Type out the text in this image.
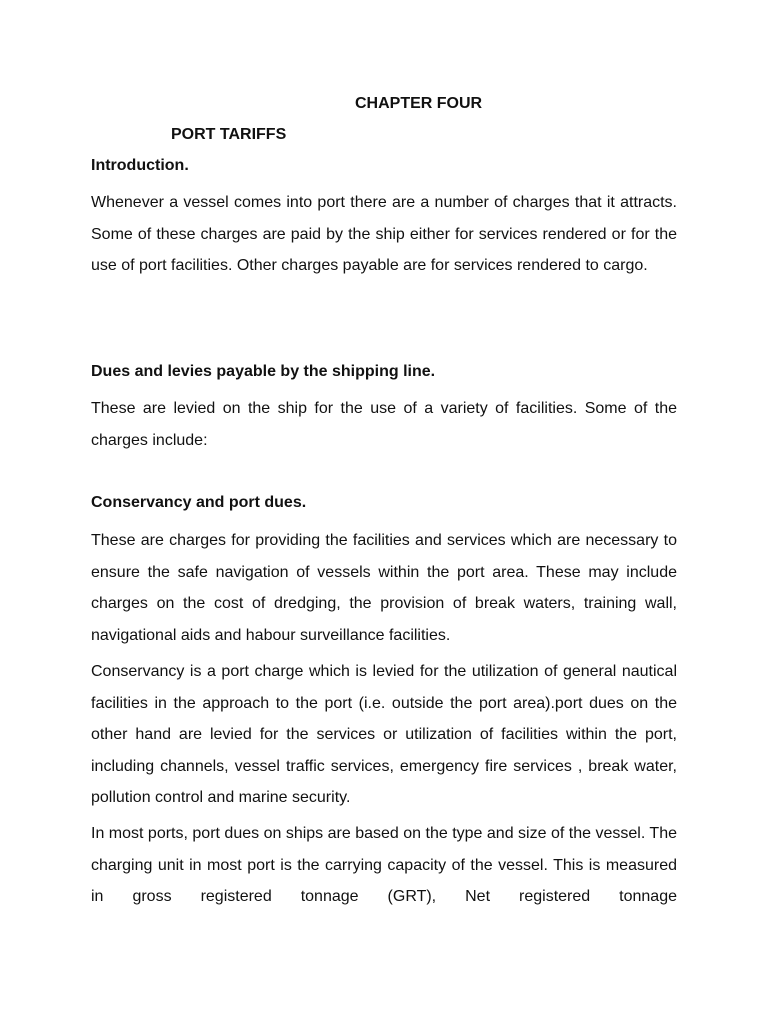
CHAPTER FOUR
PORT TARIFFS
Introduction.

Whenever a vessel comes into port there are a number of charges that it attracts. Some of these charges are paid by the ship either for services rendered or for the use of port facilities. Other charges payable are for services rendered to cargo.

Dues and levies payable by the shipping line.

These are levied on the ship for the use of a variety of facilities. Some of the charges include:

Conservancy and port dues.

These are charges for providing the facilities and services which are necessary to ensure the safe navigation of vessels within the port area. These may include charges on the cost of dredging, the provision of break waters, training wall, navigational aids and habour surveillance facilities.

Conservancy is a port charge which is levied for the utilization of general nautical facilities in the approach to the port (i.e. outside the port area).port dues on the other hand are levied for the services or utilization of facilities within the port, including channels, vessel traffic services, emergency fire services , break water, pollution control and marine security.

In most ports, port dues on ships are based on the type and size of the vessel. The charging unit in most port is the carrying capacity of the vessel. This is measured in gross registered tonnage (GRT), Net registered tonnage
